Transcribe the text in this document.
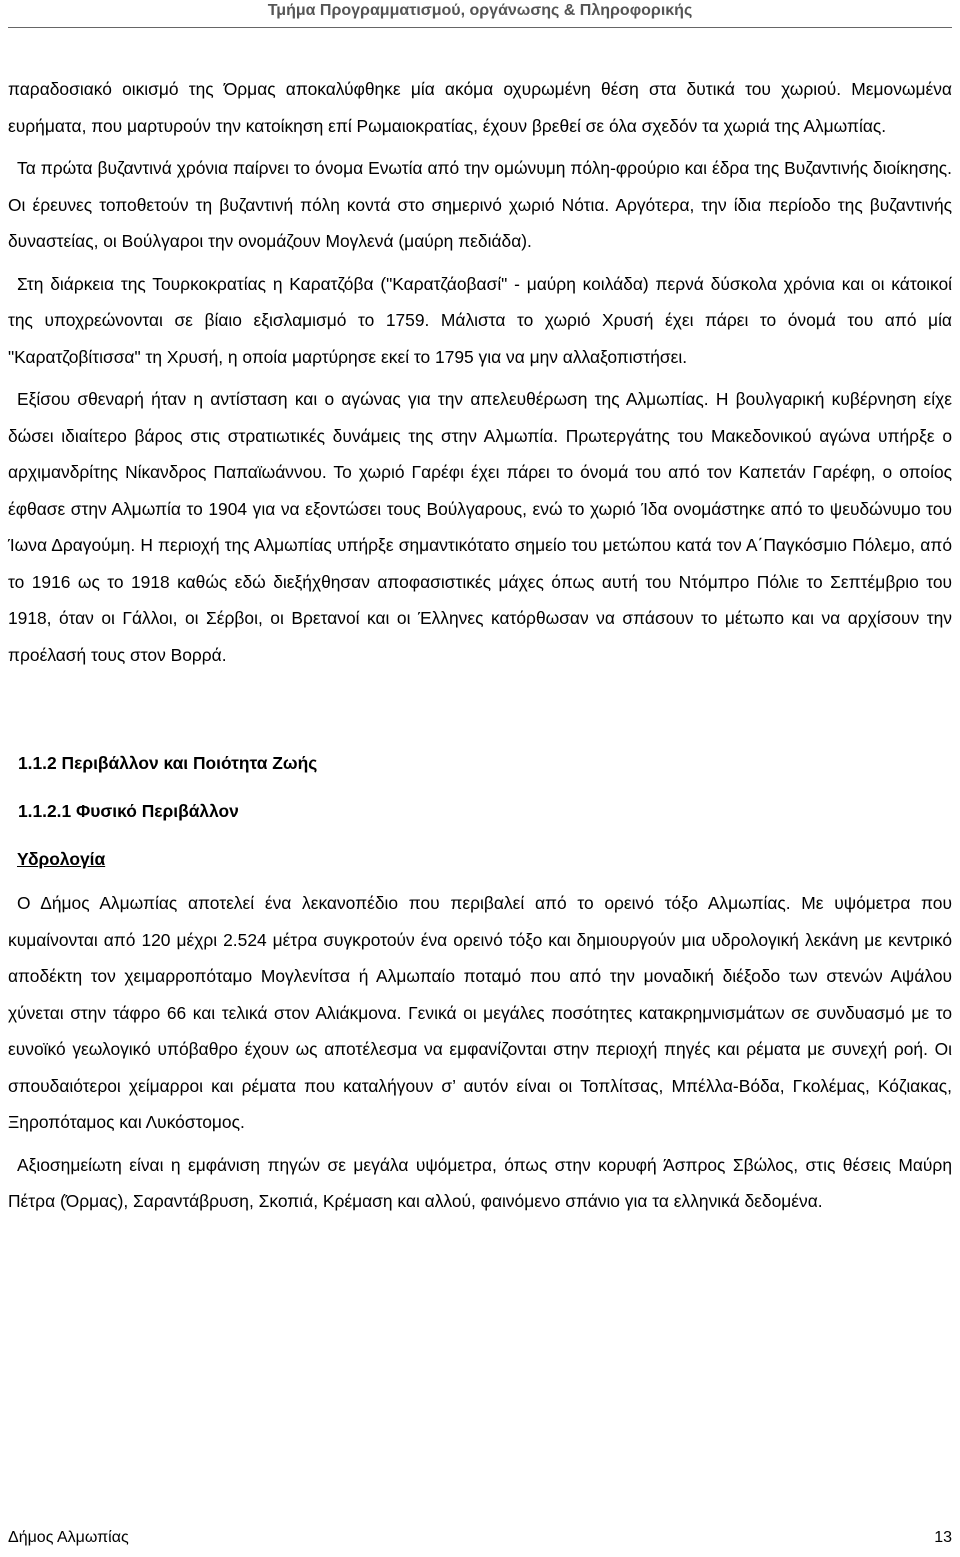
Τμήμα Προγραμματισμού, οργάνωσης & Πληροφορικής

παραδοσιακό οικισμό της Όρμας αποκαλύφθηκε μία ακόμα οχυρωμένη θέση στα δυτικά του χωριού. Μεμονωμένα ευρήματα, που μαρτυρούν την κατοίκηση επί Ρωμαιοκρατίας, έχουν βρεθεί σε όλα σχεδόν τα χωριά της Αλμωπίας.

Τα πρώτα βυζαντινά χρόνια παίρνει το όνομα Ενωτία από την ομώνυμη πόλη-φρούριο και έδρα της Βυζαντινής διοίκησης. Οι έρευνες τοποθετούν τη βυζαντινή πόλη κοντά στο σημερινό χωριό Νότια. Αργότερα, την ίδια περίοδο της βυζαντινής δυναστείας, οι Βούλγαροι την ονομάζουν Μογλενά (μαύρη πεδιάδα).

Στη διάρκεια της Τουρκοκρατίας η Καρατζόβα ("Καρατζάοβασί" - μαύρη κοιλάδα) περνά δύσκολα χρόνια και οι κάτοικοί της υποχρεώνονται σε βίαιο εξισλαμισμό το 1759. Μάλιστα το χωριό Χρυσή έχει πάρει το όνομά του από μία "Καρατζοβίτισσα" τη Χρυσή, η οποία μαρτύρησε εκεί το 1795 για να μην αλλαξοπιστήσει.

Εξίσου σθεναρή ήταν η αντίσταση και ο αγώνας για την απελευθέρωση της Αλμωπίας. Η βουλγαρική κυβέρνηση είχε δώσει ιδιαίτερο βάρος στις στρατιωτικές δυνάμεις της στην Αλμωπία. Πρωτεργάτης του Μακεδονικού αγώνα υπήρξε ο αρχιμανδρίτης Νίκανδρος Παπαϊωάννου. Το χωριό Γαρέφι έχει πάρει το όνομά του από τον Καπετάν Γαρέφη, ο οποίος έφθασε στην Αλμωπία το 1904 για να εξοντώσει τους Βούλγαρους, ενώ το χωριό Ίδα ονομάστηκε από το ψευδώνυμο του Ίωνα Δραγούμη. Η περιοχή της Αλμωπίας υπήρξε σημαντικότατο σημείο του μετώπου κατά τον Α΄Παγκόσμιο Πόλεμο, από το 1916 ως το 1918 καθώς εδώ διεξήχθησαν αποφασιστικές μάχες όπως αυτή του Ντόμπρο Πόλιε το Σεπτέμβριο του 1918, όταν οι Γάλλοι, οι Σέρβοι, οι Βρετανοί και οι Έλληνες κατόρθωσαν να σπάσουν το μέτωπο και να αρχίσουν την προέλασή τους στον Βορρά.

1.1.2 Περιβάλλον και Ποιότητα Ζωής
1.1.2.1 Φυσικό Περιβάλλον
Υδρολογία

Ο Δήμος Αλμωπίας αποτελεί ένα λεκανοπέδιο που περιβαλεί από το ορεινό τόξο Αλμωπίας. Με υψόμετρα που κυμαίνονται από 120 μέχρι 2.524 μέτρα συγκροτούν ένα ορεινό τόξο και δημιουργούν μια υδρολογική λεκάνη με κεντρικό αποδέκτη τον χειμαρροπόταμο Μογλενίτσα ή Αλμωπαίο ποταμό που από την μοναδική διέξοδο των στενών Αψάλου χύνεται στην τάφρο 66 και τελικά στον Αλιάκμονα. Γενικά οι μεγάλες ποσότητες κατακρημνισμάτων σε συνδυασμό με το ευνοϊκό γεωλογικό υπόβαθρο έχουν ως αποτέλεσμα να εμφανίζονται στην περιοχή πηγές και ρέματα με συνεχή ροή. Οι σπουδαιότεροι χείμαρροι και ρέματα που καταλήγουν σ’ αυτόν είναι οι Τοπλίτσας, Μπέλλα-Βόδα, Γκολέμας, Κόζιακας, Ξηροπόταμος και Λυκόστομος.

Αξιοσημείωτη είναι η εμφάνιση πηγών σε μεγάλα υψόμετρα, όπως στην κορυφή Άσπρος Σβώλος, στις θέσεις Μαύρη Πέτρα (Όρμας), Σαραντάβρυση, Σκοπιά, Κρέμαση και αλλού, φαινόμενο σπάνιο για τα ελληνικά δεδομένα.

Δήμος Αλμωπίας	13
